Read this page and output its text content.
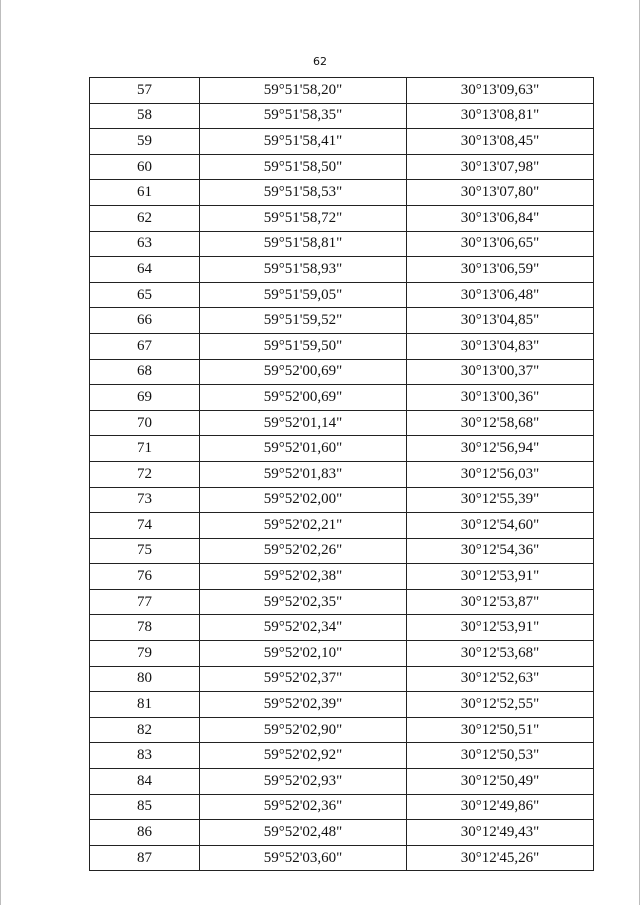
62
57	59°51'58,20"	30°13'09,63"
58	59°51'58,35"	30°13'08,81"
59	59°51'58,41"	30°13'08,45"
60	59°51'58,50"	30°13'07,98"
61	59°51'58,53"	30°13'07,80"
62	59°51'58,72"	30°13'06,84"
63	59°51'58,81"	30°13'06,65"
64	59°51'58,93"	30°13'06,59"
65	59°51'59,05"	30°13'06,48"
66	59°51'59,52"	30°13'04,85"
67	59°51'59,50"	30°13'04,83"
68	59°52'00,69"	30°13'00,37"
69	59°52'00,69"	30°13'00,36"
70	59°52'01,14"	30°12'58,68"
71	59°52'01,60"	30°12'56,94"
72	59°52'01,83"	30°12'56,03"
73	59°52'02,00"	30°12'55,39"
74	59°52'02,21"	30°12'54,60"
75	59°52'02,26"	30°12'54,36"
76	59°52'02,38"	30°12'53,91"
77	59°52'02,35"	30°12'53,87"
78	59°52'02,34"	30°12'53,91"
79	59°52'02,10"	30°12'53,68"
80	59°52'02,37"	30°12'52,63"
81	59°52'02,39"	30°12'52,55"
82	59°52'02,90"	30°12'50,51"
83	59°52'02,92"	30°12'50,53"
84	59°52'02,93"	30°12'50,49"
85	59°52'02,36"	30°12'49,86"
86	59°52'02,48"	30°12'49,43"
87	59°52'03,60"	30°12'45,26"
